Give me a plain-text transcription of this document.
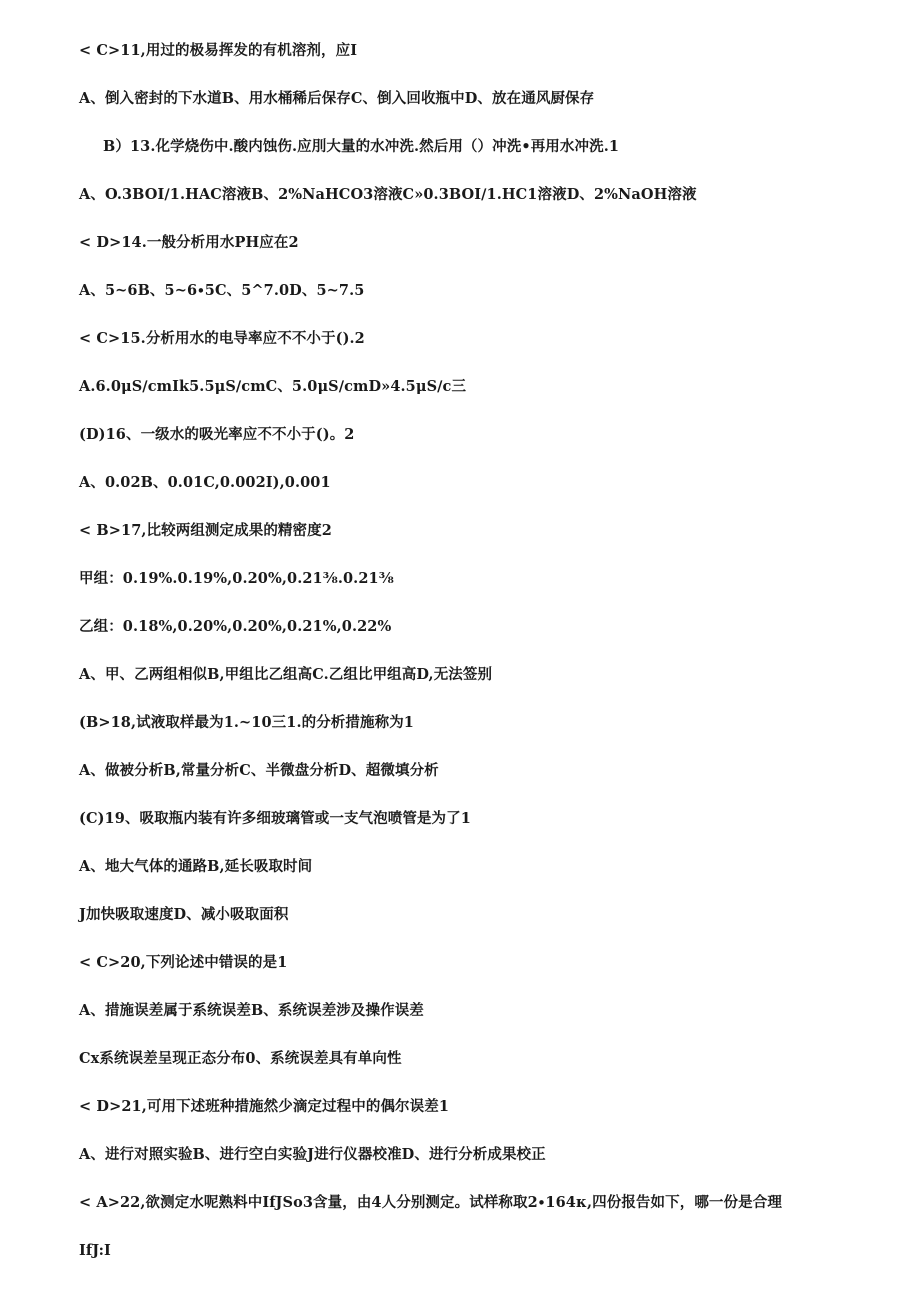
< C>11,用过的极易挥发的有机溶剂，应I
A、倒入密封的下水道B、用水桶稀后保存C、倒入回收瓶中D、放在通风厨保存
B）13.化学烧伤中.酸内蚀伤.应刖大量的水冲洗.然后用（）冲洗•再用水冲洗.1
A、O.3BOI∕1.HAC溶液B、2%NaHCO3溶液C»0.3BOI∕1.HC1溶液D、2%NaOH溶液
< D>14.一般分析用水PH应在2
A、5~6B、5~6∙5C、5^7.0D、5~7.5
< C>15.分析用水的电导率应不不小于().2
A.6.0μS∕cmIk5.5μS∕cmC、5.0μS∕cmD»4.5μS∕c三
(D)16、一级水的吸光率应不不小于()。2
A、0.02B、0.01C,0.002I),0.001
< B>17,比较两组测定成果的精密度2
甲组：0.19%.0.19%,0.20%,0.21⅜.0.21⅜
乙组：0.18%,0.20%,0.20%,0.21%,0.22%
A、甲、乙两组相似B,甲组比乙组高C.乙组比甲组高D,无法签别
(B>18,试液取样最为1.~10三1.的分析措施称为1
A、做被分析B,常量分析C、半微盘分析D、超微填分析
(C)19、吸取瓶内装有许多细玻璃管或一支气泡喷管是为了1
A、地大气体的通路B,延长吸取时间
J加快吸取速度D、减小吸取面积
< C>20,下列论述中错误的是1
A、措施误差属于系统误差B、系统误差涉及操作误差
Cx系统误差呈现正态分布0、系统误差具有单向性
< D>21,可用下述班种措施然少滴定过程中的偶尔误差1
A、进行对照实验B、进行空白实验J进行仪器校准D、进行分析成果校正
< A>22,欲测定水呢熟料中IfJSo3含量，由4人分别测定。试样称取2∙164κ,四份报告如下，哪一份是合理
IfJ:I
